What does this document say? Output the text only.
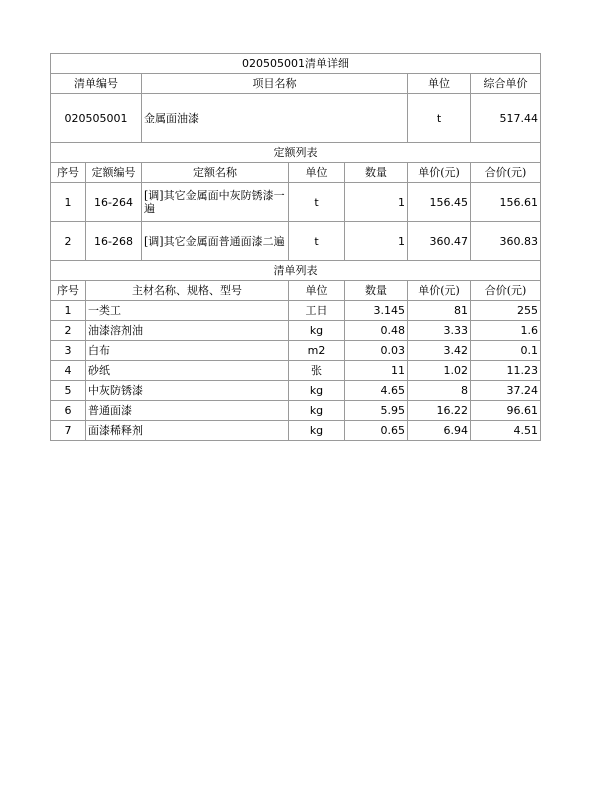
020505001清单详细						
清单编号		项目名称			单位	综合单价
020505001		金属面油漆			t	517.44
定额列表						
序号	定额编号	定额名称	单位	数量	单价(元)	合价(元)
1	16-264	[调]其它金属面中灰防锈漆一遍	t	1	156.45	156.61
2	16-268	[调]其它金属面普通面漆二遍	t	1	360.47	360.83
清单列表						
序号	主材名称、规格、型号		单位	数量	单价(元)	合价(元)
1	一类工		工日	3.145	81	255
2	油漆溶剂油		kg	0.48	3.33	1.6
3	白布		m2	0.03	3.42	0.1
4	砂纸		张	11	1.02	11.23
5	中灰防锈漆		kg	4.65	8	37.24
6	普通面漆		kg	5.95	16.22	96.61
7	面漆稀释剂		kg	0.65	6.94	4.51
